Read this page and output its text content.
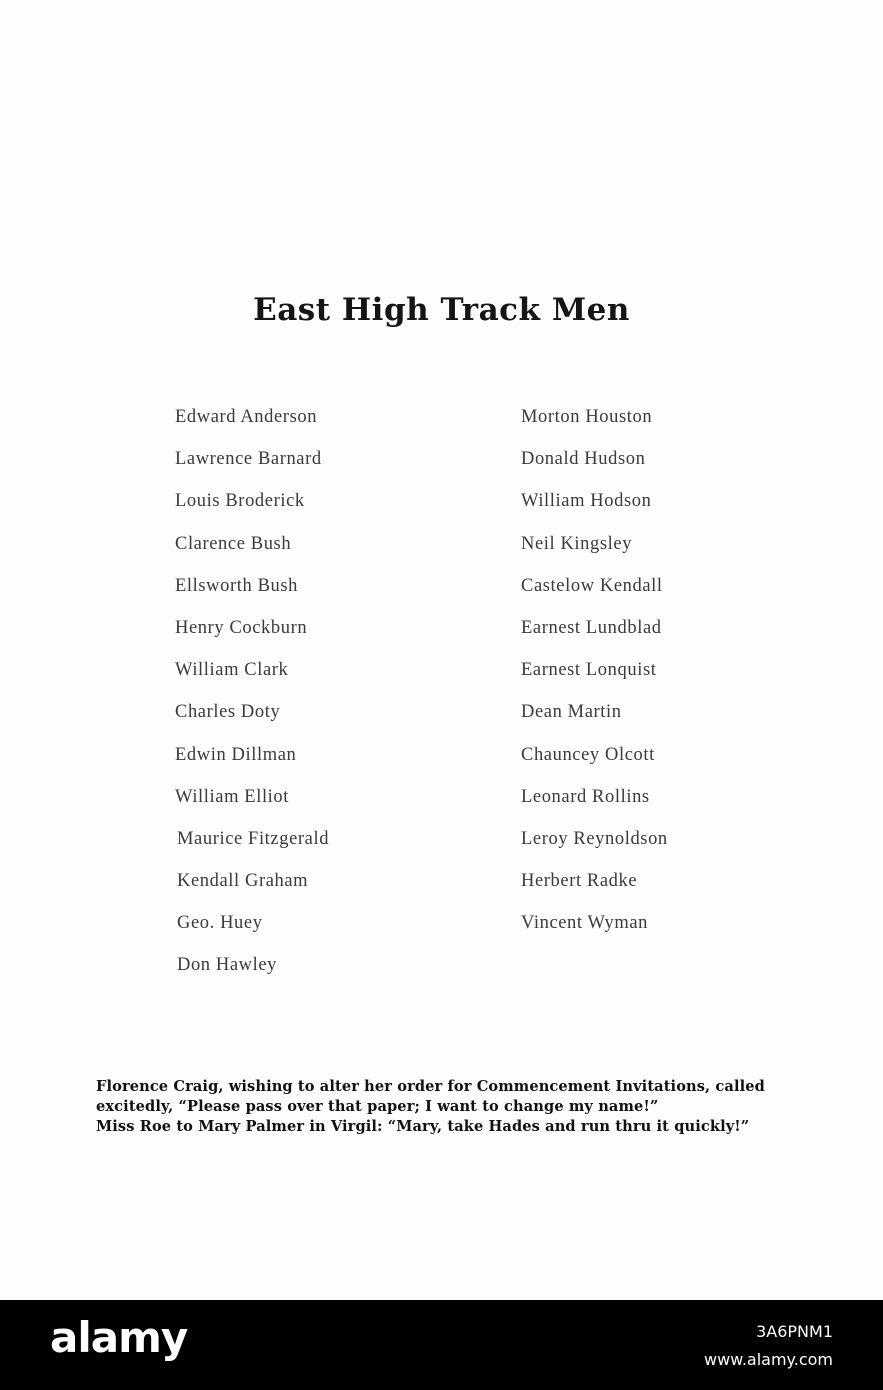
East High Track Men
Edward Anderson
Lawrence Barnard
Louis Broderick
Clarence Bush
Ellsworth Bush
Henry Cockburn
William Clark
Charles Doty
Edwin Dillman
William Elliot
Maurice Fitzgerald
Kendall Graham
Geo. Huey
Don Hawley
Morton Houston
Donald Hudson
William Hodson
Neil Kingsley
Castelow Kendall
Earnest Lundblad
Earnest Lonquist
Dean Martin
Chauncey Olcott
Leonard Rollins
Leroy Reynoldson
Herbert Radke
Vincent Wyman

Florence Craig, wishing to alter her order for Commencement Invitations, called excitedly, “Please pass over that paper; I want to change my name!”

Miss Roe to Mary Palmer in Virgil: “Mary, take Hades and run thru it quickly!”

alamy	3A6PNM1
www.alamy.com
